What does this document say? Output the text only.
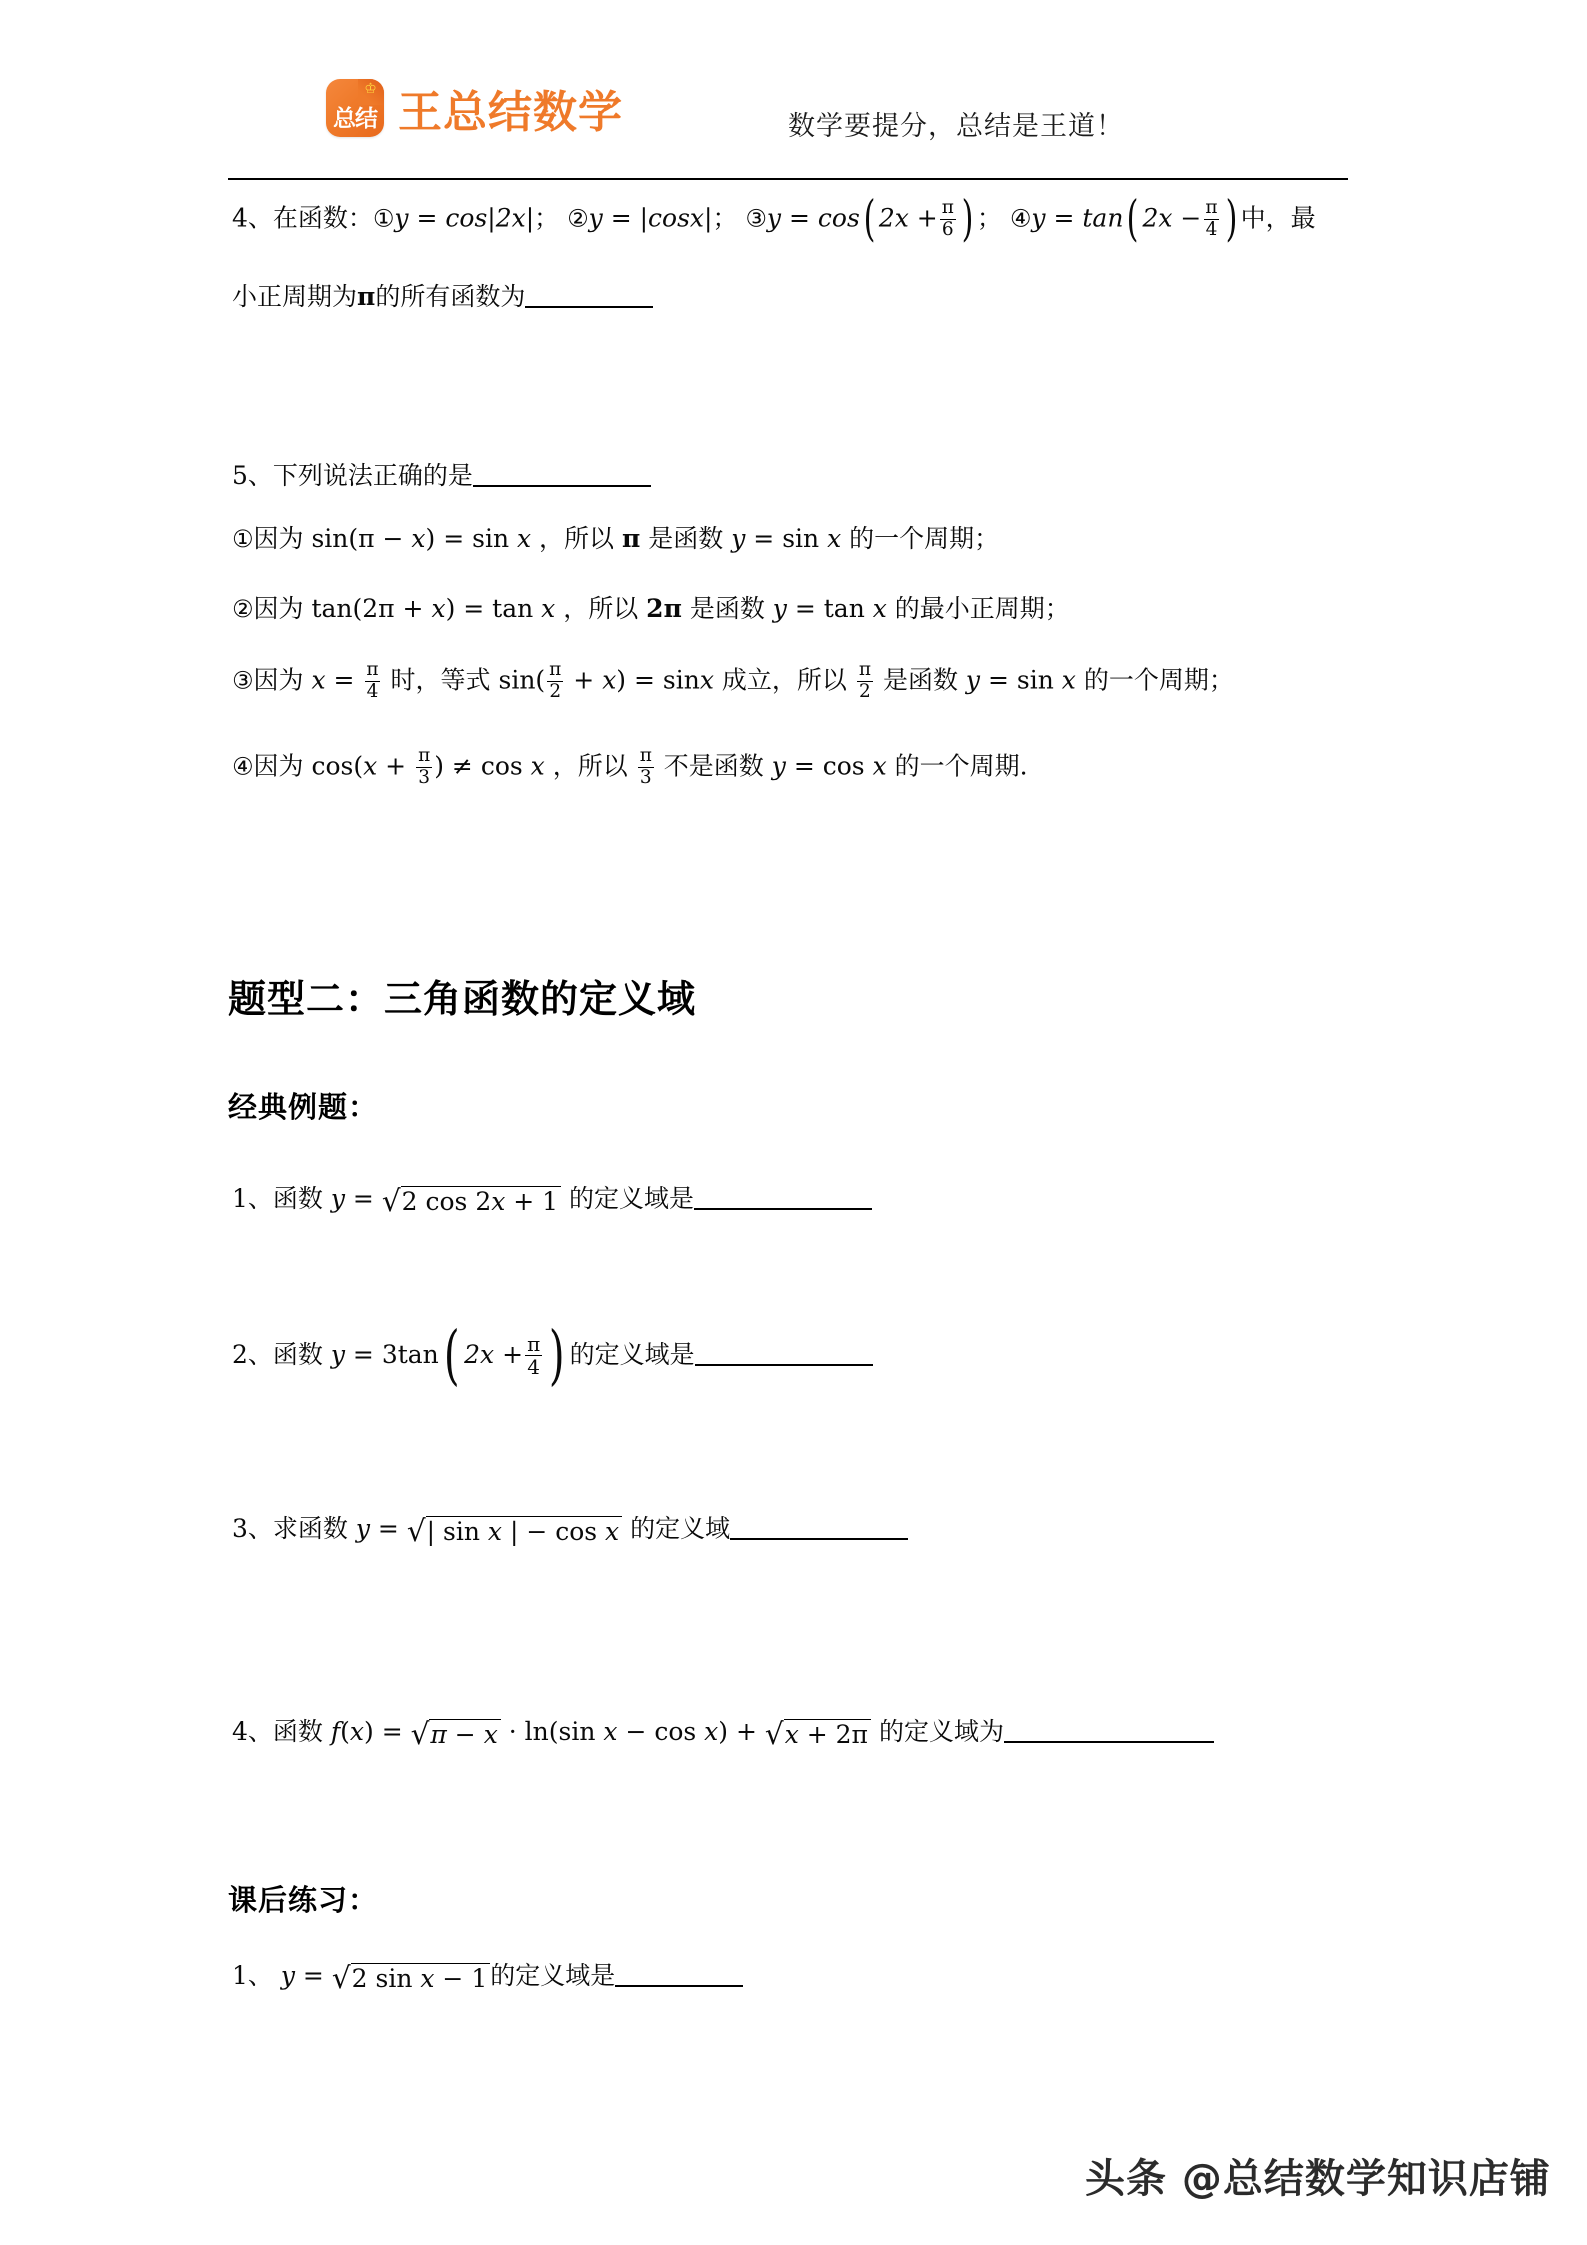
♔
总结 王总结数学	数学要提分，总结是王道！
4、在函数：①y = cos|2x|； ②y = |cosx|； ③y = cos( $2x + \frac{\pi}{6}$ ) ； ④y = tan( $2x - \frac{\pi}{4}$ ) 中，最
小正周期为π的所有函数为
5、下列说法正确的是
①因为 sin(π − x) = sin x ，所以 π 是函数 y = sin x 的一个周期；
②因为 tan(2π + x) = tan x ，所以 2π 是函数 y = tan x 的最小正周期；
③因为 $x = \frac{\pi}{4}$ 时，等式 $\sin( \frac{\pi}{2} + x) = \sin x$ 成立，所以 $\frac{\pi}{2}$ 是函数 y = sin x 的一个周期；
④因为 $\cos(x + \frac{\pi}{3}$ ) ≠ cos x ，所以 $\frac{\pi}{3}$ 不是函数 y = cos x 的一个周期.
题型二：三角函数的定义域
经典例题：
1、函数 y = √ 2 cos 2x + 1 的定义域是
2、函数 y = 3tan( $2x + \frac{\pi}{4}$ ) 的定义域是
3、求函数 y = √ | sin x | − cos x 的定义域
4、函数 f(x) = √ π − x · ln(sin x − cos x) + √ x + 2π 的定义域为
课后练习：
1、 y = √ 2 sin x − 1 的定义域是
头条 @总结数学知识店铺
